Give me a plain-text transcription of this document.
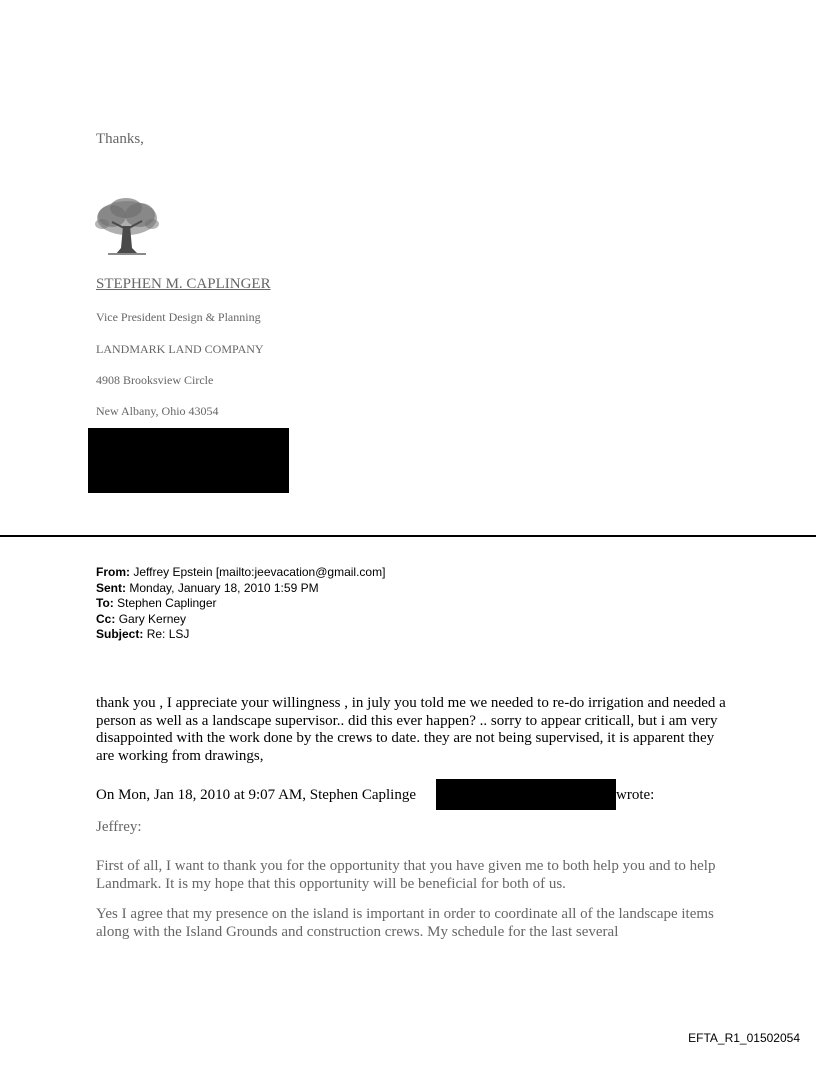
Thanks,
STEPHEN M. CAPLINGER
Vice President Design & Planning
LANDMARK LAND COMPANY
4908 Brooksview Circle
New Albany, Ohio 43054
From: Jeffrey Epstein [mailto:jeevacation@gmail.com]
Sent: Monday, January 18, 2010 1:59 PM
To: Stephen Caplinger
Cc: Gary Kerney
Subject: Re: LSJ
thank you , I appreciate your willingness , in july you told me we needed to re-do irrigation and needed a person as well as a landscape supervisor.. did this ever happen? .. sorry to appear criticall, but i am very disappointed with the work done by the crews to date. they are not being supervised, it is apparent they are working from drawings,
On Mon, Jan 18, 2010 at 9:07 AM, Stephen Caplinge	wrote:
Jeffrey:
First of all, I want to thank you for the opportunity that you have given me to both help you and to help Landmark. It is my hope that this opportunity will be beneficial for both of us.
Yes I agree that my presence on the island is important in order to coordinate all of the landscape items along with the Island Grounds and construction crews. My schedule for the last several
EFTA_R1_01502054
